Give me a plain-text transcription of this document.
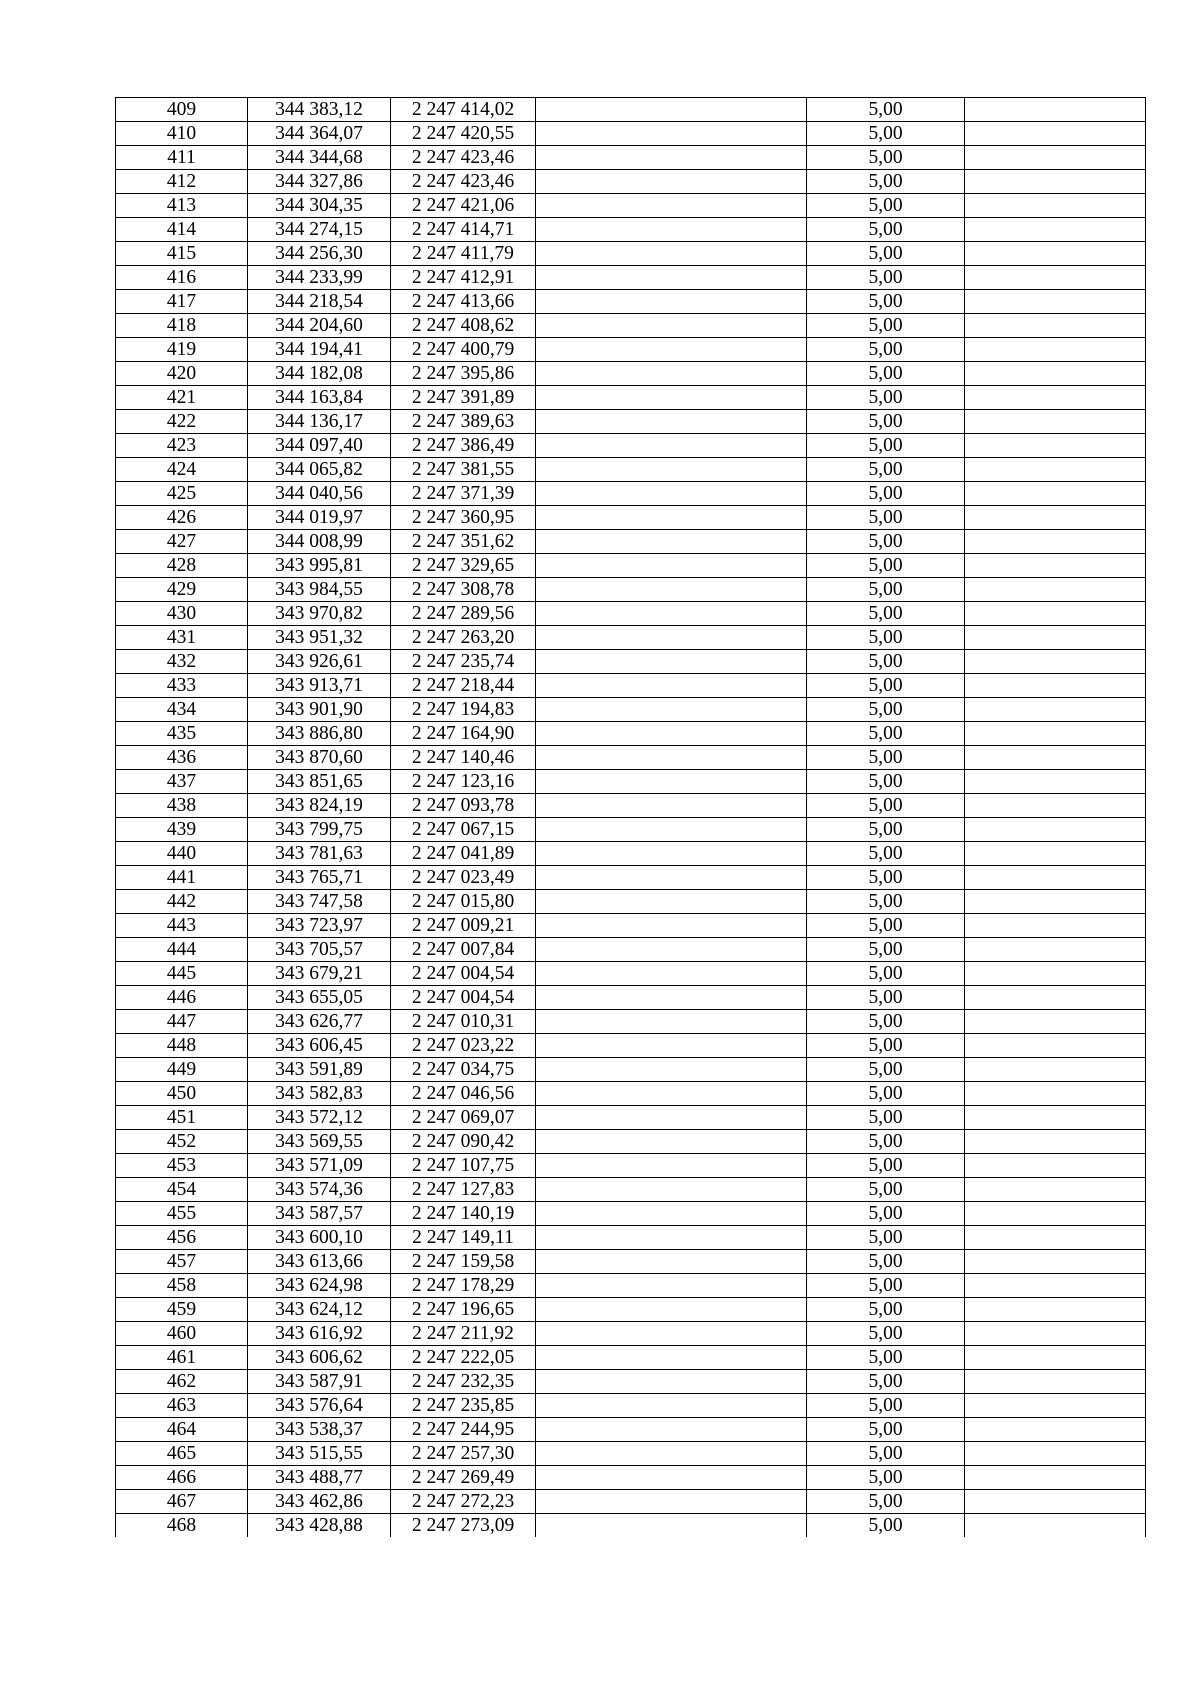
409	344 383,12	2 247 414,02		5,00	
410	344 364,07	2 247 420,55		5,00	
411	344 344,68	2 247 423,46		5,00	
412	344 327,86	2 247 423,46		5,00	
413	344 304,35	2 247 421,06		5,00	
414	344 274,15	2 247 414,71		5,00	
415	344 256,30	2 247 411,79		5,00	
416	344 233,99	2 247 412,91		5,00	
417	344 218,54	2 247 413,66		5,00	
418	344 204,60	2 247 408,62		5,00	
419	344 194,41	2 247 400,79		5,00	
420	344 182,08	2 247 395,86		5,00	
421	344 163,84	2 247 391,89		5,00	
422	344 136,17	2 247 389,63		5,00	
423	344 097,40	2 247 386,49		5,00	
424	344 065,82	2 247 381,55		5,00	
425	344 040,56	2 247 371,39		5,00	
426	344 019,97	2 247 360,95		5,00	
427	344 008,99	2 247 351,62		5,00	
428	343 995,81	2 247 329,65		5,00	
429	343 984,55	2 247 308,78		5,00	
430	343 970,82	2 247 289,56		5,00	
431	343 951,32	2 247 263,20		5,00	
432	343 926,61	2 247 235,74		5,00	
433	343 913,71	2 247 218,44		5,00	
434	343 901,90	2 247 194,83		5,00	
435	343 886,80	2 247 164,90		5,00	
436	343 870,60	2 247 140,46		5,00	
437	343 851,65	2 247 123,16		5,00	
438	343 824,19	2 247 093,78		5,00	
439	343 799,75	2 247 067,15		5,00	
440	343 781,63	2 247 041,89		5,00	
441	343 765,71	2 247 023,49		5,00	
442	343 747,58	2 247 015,80		5,00	
443	343 723,97	2 247 009,21		5,00	
444	343 705,57	2 247 007,84		5,00	
445	343 679,21	2 247 004,54		5,00	
446	343 655,05	2 247 004,54		5,00	
447	343 626,77	2 247 010,31		5,00	
448	343 606,45	2 247 023,22		5,00	
449	343 591,89	2 247 034,75		5,00	
450	343 582,83	2 247 046,56		5,00	
451	343 572,12	2 247 069,07		5,00	
452	343 569,55	2 247 090,42		5,00	
453	343 571,09	2 247 107,75		5,00	
454	343 574,36	2 247 127,83		5,00	
455	343 587,57	2 247 140,19		5,00	
456	343 600,10	2 247 149,11		5,00	
457	343 613,66	2 247 159,58		5,00	
458	343 624,98	2 247 178,29		5,00	
459	343 624,12	2 247 196,65		5,00	
460	343 616,92	2 247 211,92		5,00	
461	343 606,62	2 247 222,05		5,00	
462	343 587,91	2 247 232,35		5,00	
463	343 576,64	2 247 235,85		5,00	
464	343 538,37	2 247 244,95		5,00	
465	343 515,55	2 247 257,30		5,00	
466	343 488,77	2 247 269,49		5,00	
467	343 462,86	2 247 272,23		5,00	
468	343 428,88	2 247 273,09		5,00	
